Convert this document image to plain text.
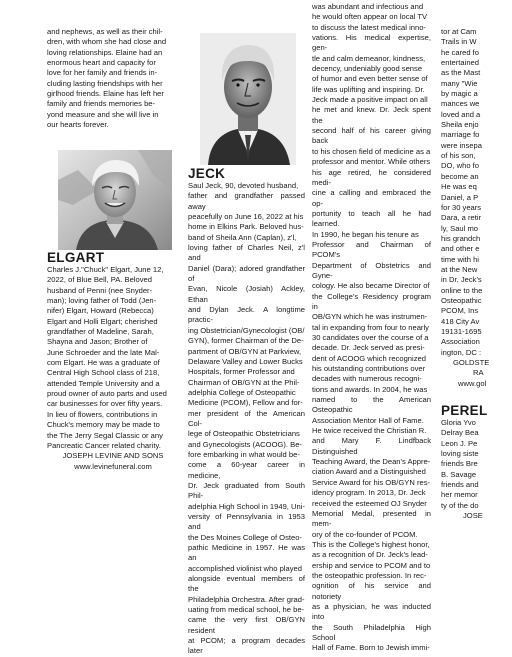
and nephews, as well as their chil-

dren, with whom she had close and

loving relationships. Elaine had an

enormous heart and capacity for

love for her family and friends in-

cluding lasting friendships with her

girlhood friends. Elaine has left her

family and friends memories be-

yond measure and she will live in

our hearts forever.

ELGART

Charles J."Chuck" Elgart, June 12,

2022, of Blue Bell, PA. Beloved

husband of Penni (nee Snyder-

man); loving father of Todd (Jen-

nifer) Elgart, Howard (Rebecca)

Elgart and Holli Elgart; cherished

grandfather of Madeline, Sarah,

Shayna and Jason; Brother of

June Schroeder and the late Mal-

com Elgart. He was a graduate of

Central High School class of 218,

attended Temple University and a

proud owner of auto parts and used

car businesses for over fifty years.

In lieu of flowers, contributions in

Chuck's memory may be made to

the The Jerry Segal Classic or any

Pancreatic Cancer related charity.

JOSEPH LEVINE AND SONS

www.levinefuneral.com

JECK

Saul Jeck, 90, devoted husband,

father and grandfather passed away

peacefully on June 16, 2022 at his

home in Elkins Park. Beloved hus-

band of Sheila Ann (Caplan), z'l,

loving father of Charles Neil, z'l and

Daniel (Dara); adored grandfather of

Evan, Nicole (Josiah) Ackley, Ethan

and Dylan Jeck. A longtime practic-

ing Obstetrician/Gynecologist (OB/

GYN), former Chairman of the De-

partment of OB/GYN at Parkview,

Delaware Valley and Lower Bucks

Hospitals, former Professor and

Chairman of OB/GYN at the Phil-

adelphia College of Osteopathic

Medicine (PCOM), Fellow and for-

mer president of the American Col-

lege of Osteopathic Obstetricians

and Gynecologists (ACOOG). Be-

fore embarking in what would be-

come a 60-year career in medicine,

Dr. Jeck graduated from South Phil-

adelphia High School in 1949, Uni-

versity of Pennsylvania in 1953 and

the Des Moines College of Osteo-

pathic Medicine in 1957. He was an

accomplished violinist who played

alongside eventual members of the

Philadelphia Orchestra. After grad-

uating from medical school, he be-

came the very first OB/GYN resident

at PCOM; a program decades later

was abundant and infectious and

he would often appear on local TV

to discuss the latest medical inno-

vations. His medical expertise, gen-

tle and calm demeanor, kindness,

decency, undeniably good sense

of humor and even better sense of

life was uplifting and inspiring. Dr.

Jeck made a positive impact on all

he met and knew. Dr. Jeck spent the

second half of his career giving back

to his chosen field of medicine as a

professor and mentor. While others

his age retired, he considered medi-

cine a calling and embraced the op-

portunity to teach all he had learned.

In 1990, he began his tenure as

Professor and Chairman of PCOM's

Department of Obstetrics and Gyne-

cology. He also became Director of

the College's Residency program in

OB/GYN which he was instrumen-

tal in expanding from four to nearly

30 candidates over the course of a

decade. Dr. Jeck served as presi-

dent of ACOOG which recognized

his outstanding contributions over

decades with numerous recogni-

tions and awards. In 2004, he was

named to the American Osteopathic

Association Mentor Hall of Fame.

He twice received the Christian R.

and Mary F. Lindfback Distinguished

Teaching Award, the Dean's Appre-

ciation Award and a Distinguished

Service Award for his OB/GYN res-

idency program. In 2013, Dr. Jeck

received the esteemed OJ Snyder

Memorial Medal, presented in mem-

ory of the co-founder of PCOM.

This is the College's highest honor,

as a recognition of Dr. Jeck's lead-

ership and service to PCOM and to

the osteopathic profession. In rec-

ognition of his service and notoriety

as a physician, he was inducted into

the South Philadelphia High School

Hall of Fame. Born to Jewish immi-

tor at Cam

Trails in W

he cared fo

entertained

as the Mast

many "Wie

by magic a

mances we

loved and a

Sheila enjo

marriage fo

were insepa

of his son,

DO, who fo

become an

He was eq

Daniel, a P

for 30 years

Dara, a retir

ly, Saul mo

his grandch

and other e

time with hi

at the New

in Dr. Jeck's

online to the

Osteopathic

PCOM, Ins

418 City Av

19131-1695

Association

ington, DC :

GOLDSTE

RA

www.gol

PEREL

Gloria Yvo

Delray Bea

Leon J. Pe

loving siste

friends Bre

B. Savage

friends and

her memor

ty of the do

JOSE
